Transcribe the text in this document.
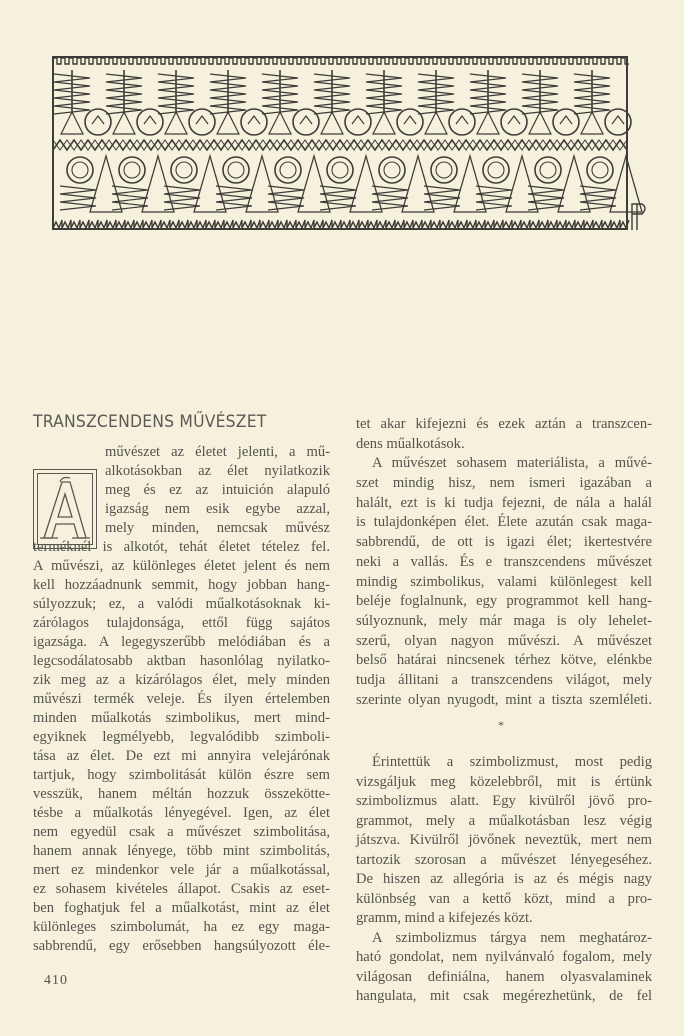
TRANSZCENDENS MŰVÉSZET
művészet az életet jelenti, a mű-
alkotásokban az élet nyilatkozik
meg és ez az intuición alapuló
igazság nem esik egybe azzal,
mely minden, nemcsak művész
terméknél is alkotót, tehát életet tételez fel.
A művészi, az különleges életet jelent és nem
kell hozzáadnunk semmit, hogy jobban hang-
súlyozzuk; ez, a valódi műalkotásoknak ki-
zárólagos tulajdonsága, ettől függ sajátos
igazsága. A legegyszerűbb melódiában és a
legcsodálatosabb aktban hasonlólag nyilatko-
zik meg az a kizárólagos élet, mely minden
művészi termék veleje. És ilyen értelemben
minden műalkotás szimbolikus, mert mind-
egyiknek legmélyebb, legvalódibb szimboli-
tása az élet. De ezt mi annyira velejárónak
tartjuk, hogy szimbolitását külön észre sem
vesszük, hanem méltán hozzuk összekötte-
tésbe a műalkotás lényegével. Igen, az élet
nem egyedül csak a művészet szimbolitása,
hanem annak lényege, több mint szimbolitás,
mert ez mindenkor vele jár a műalkotással,
ez sohasem kivételes állapot. Csakis az eset-
ben foghatjuk fel a műalkotást, mint az élet
különleges szimbolumát, ha ez egy maga-
sabbrendű, egy erősebben hangsúlyozott éle-
tet akar kifejezni és ezek aztán a transzcen-
dens műalkotások.
A művészet sohasem materiálista, a művé-
szet mindig hisz, nem ismeri igazában a
halált, ezt is ki tudja fejezni, de nála a halál
is tulajdonképen élet. Élete azután csak maga-
sabbrendű, de ott is igazi élet; ikertestvére
neki a vallás. És e transzcendens művészet
mindig szimbolikus, valami különlegest kell
beléje foglalnunk, egy programmot kell hang-
súlyoznunk, mely már maga is oly lehelet-
szerű, olyan nagyon művészi. A művészet
belső határai nincsenek térhez kötve, elénkbe
tudja állitani a transzcendens világot, mely
szerinte olyan nyugodt, mint a tiszta szemléleti.
*
Érintettük a szimbolizmust, most pedig
vizsgáljuk meg közelebbről, mit is értünk
szimbolizmus alatt. Egy kivülről jövő pro-
grammot, mely a műalkotásban lesz végig
játszva. Kivülről jövőnek neveztük, mert nem
tartozik szorosan a művészet lényegeséhez.
De hiszen az allegória is az és mégis nagy
különbség van a kettő közt, mind a pro-
gramm, mind a kifejezés közt.
A szimbolizmus tárgya nem meghatároz-
ható gondolat, nem nyilvánvaló fogalom, mely
világosan definiálna, hanem olyasvalaminek
hangulata, mit csak megérezhetünk, de fel
410
